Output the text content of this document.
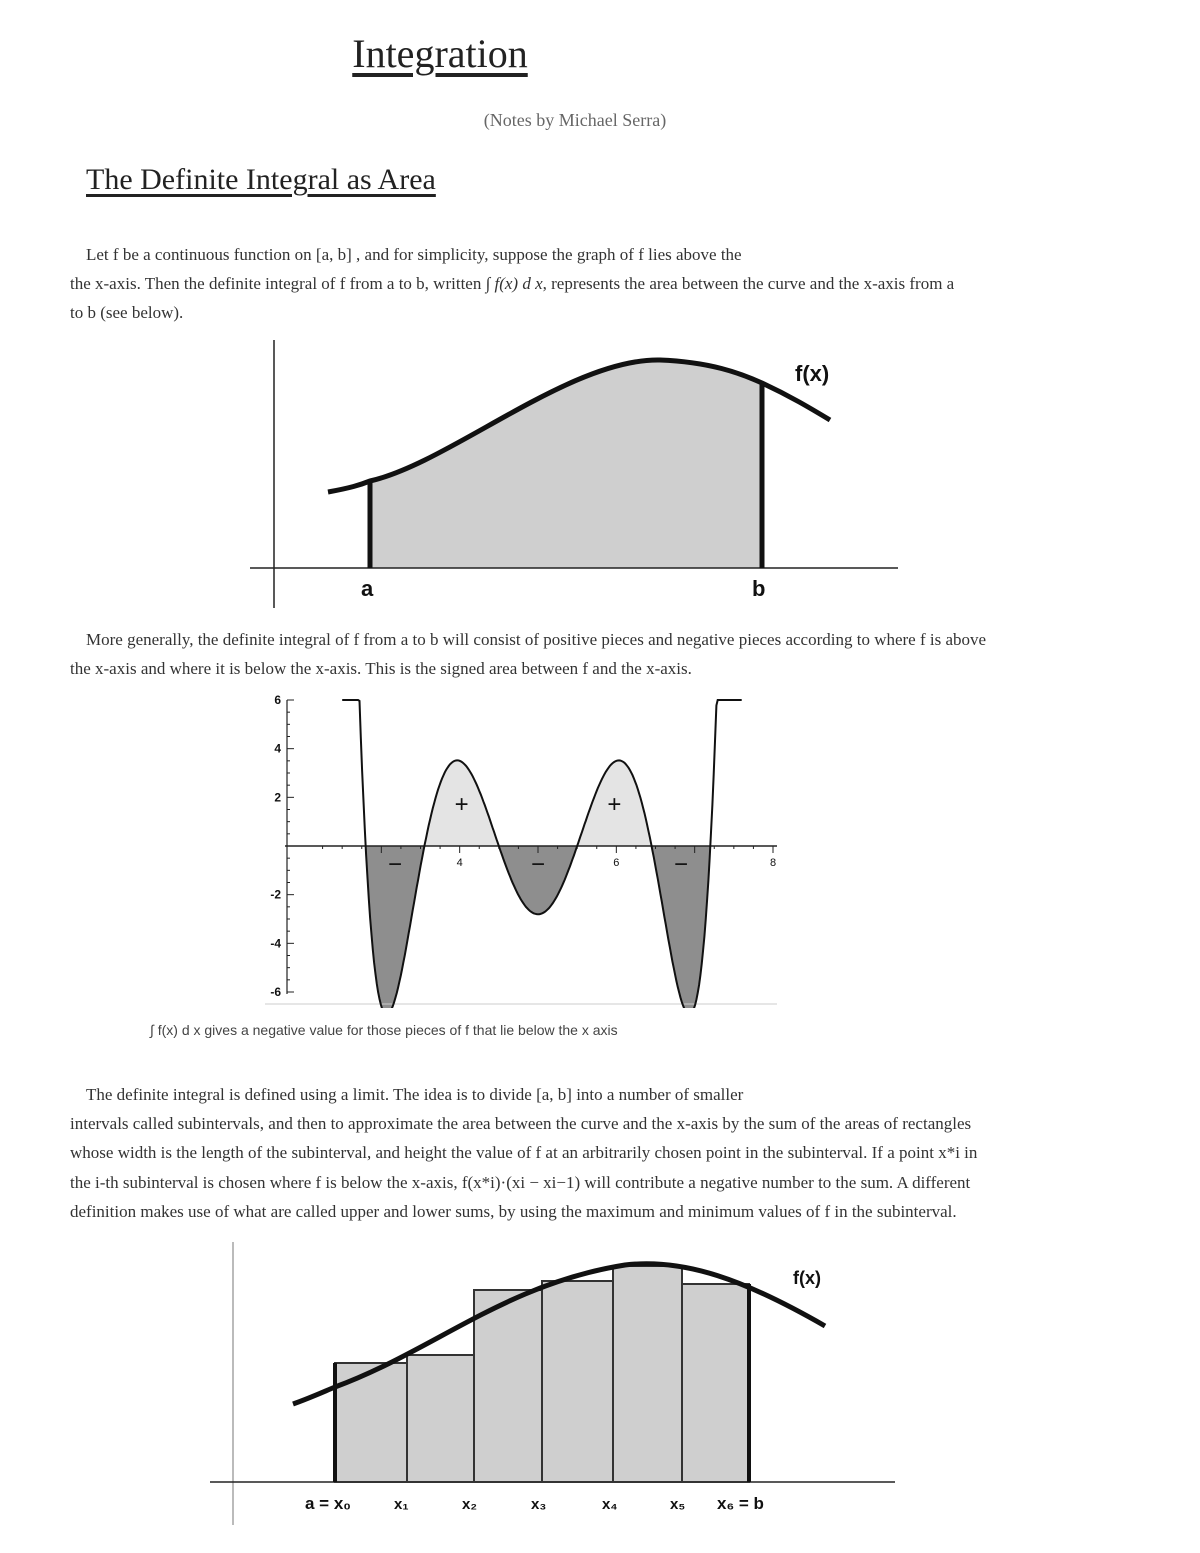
Integration
(Notes by Michael Serra)
The Definite Integral as Area
Let f be a continuous function on [a, b] , and for simplicity, suppose the graph of f lies above the
the x-axis. Then the definite integral of f from a to b, written ∫ f(x) d x, represents the area between the curve and the x-axis from a
to b (see below).
f(x)
a	b
More generally, the definite integral of f from a to b will consist of positive pieces and negative pieces according to where f is above
the x-axis and where it is below the x-axis. This is the signed area between f and the x-axis.
−
+
−
+
−
4	6	8
6
4
2
-2
-4
-6
∫ f(x) d x gives a negative value for those pieces of f that lie below the x axis
The definite integral is defined using a limit. The idea is to divide [a, b] into a number of smaller
intervals called subintervals, and then to approximate the area between the curve and the x-axis by the sum of the areas of rectangles
whose width is the length of the subinterval, and height the value of f at an arbitrarily chosen point in the subinterval. If a point x*i in
the i-th subinterval is chosen where f is below the x-axis, f(x*i)·(xi − xi−1) will contribute a negative number to the sum. A different
definition makes use of what are called upper and lower sums, by using the maximum and minimum values of f in the subinterval.
f(x)
a = x₀	x₁	x₂	x₃	x₄	x₅ x₆ = b
